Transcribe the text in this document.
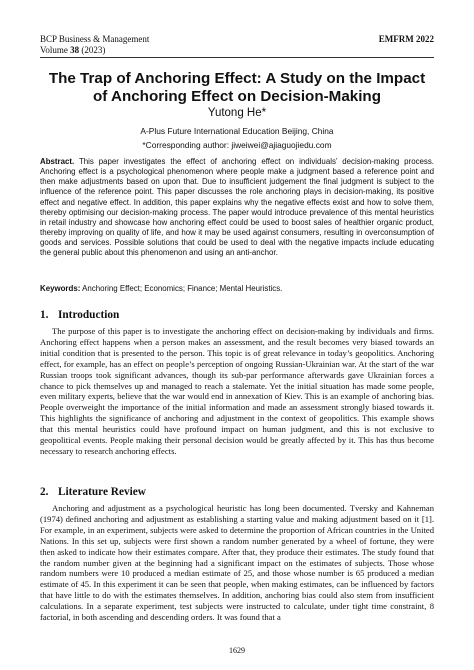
BCP Business & Management	EMFRM 2022
Volume 38 (2023)
The Trap of Anchoring Effect: A Study on the Impact of Anchoring Effect on Decision-Making
Yutong He*
A-Plus Future International Education Beijing, China
*Corresponding author: jiweiwei@ajiaguojiedu.com
Abstract. This paper investigates the effect of anchoring effect on individuals’ decision-making process. Anchoring effect is a psychological phenomenon where people make a judgment based a reference point and then make adjustments based on upon that. Due to insufficient judgement the final judgment is subject to the influence of the reference point. This paper discusses the role anchoring plays in decision-making, its positive effect and negative effect. In addition, this paper explains why the negative effects exist and how to solve them, thereby optimising our decision-making process. The paper would introduce prevalence of this mental heuristics in retail industry and showcase how anchoring effect could be used to boost sales of healthier organic product, thereby improving on quality of life, and how it may be used against consumers, resulting in overconsumption of goods and services. Possible solutions that could be used to deal with the negative impacts include educating the general public about this phenomenon and using an anti-anchor.
Keywords: Anchoring Effect; Economics; Finance; Mental Heuristics.
1. Introduction

The purpose of this paper is to investigate the anchoring effect on decision-making by individuals and firms. Anchoring effect happens when a person makes an assessment, and the result becomes very biased towards an initial condition that is presented to the person. This topic is of great relevance in today’s geopolitics. Anchoring effect, for example, has an effect on people’s perception of ongoing Russian-Ukrainian war. At the start of the war Russian troops took significant advances, though its sub-par performance afterwards gave Ukrainian forces a chance to pick themselves up and managed to reach a stalemate. Yet the initial situation has made some people, even military experts, believe that the war would end in annexation of Kiev. This is an example of anchoring bias. People overweight the importance of the initial information and made an assessment strongly biased towards it. This highlights the significance of anchoring and adjustment in the context of geopolitics. This example shows that this mental heuristics could have profound impact on human judgment, and this is not exclusive to geopolitical events. People making their personal decision would be greatly affected by it. This has thus become necessary to research anchoring effects.

2. Literature Review

Anchoring and adjustment as a psychological heuristic has long been documented. Tversky and Kahneman (1974) defined anchoring and adjustment as establishing a starting value and making adjustment based on it [1]. For example, in an experiment, subjects were asked to determine the proportion of African countries in the United Nations. In this set up, subjects were first shown a random number generated by a wheel of fortune, they were then asked to indicate how their estimates compare. After that, they produce their estimates. The study found that the random number given at the beginning had a significant impact on the estimates of subjects. Those whose random numbers were 10 produced a median estimate of 25, and those whose number is 65 produced a median estimate of 45. In this experiment it can be seen that people, when making estimates, can be influenced by factors that have little to do with the estimates themselves. In addition, anchoring bias could also stem from insufficient calculations. In a separate experiment, test subjects were instructed to calculate, under tight time constraint, 8 factorial, in both ascending and descending orders. It was found that a

1629
